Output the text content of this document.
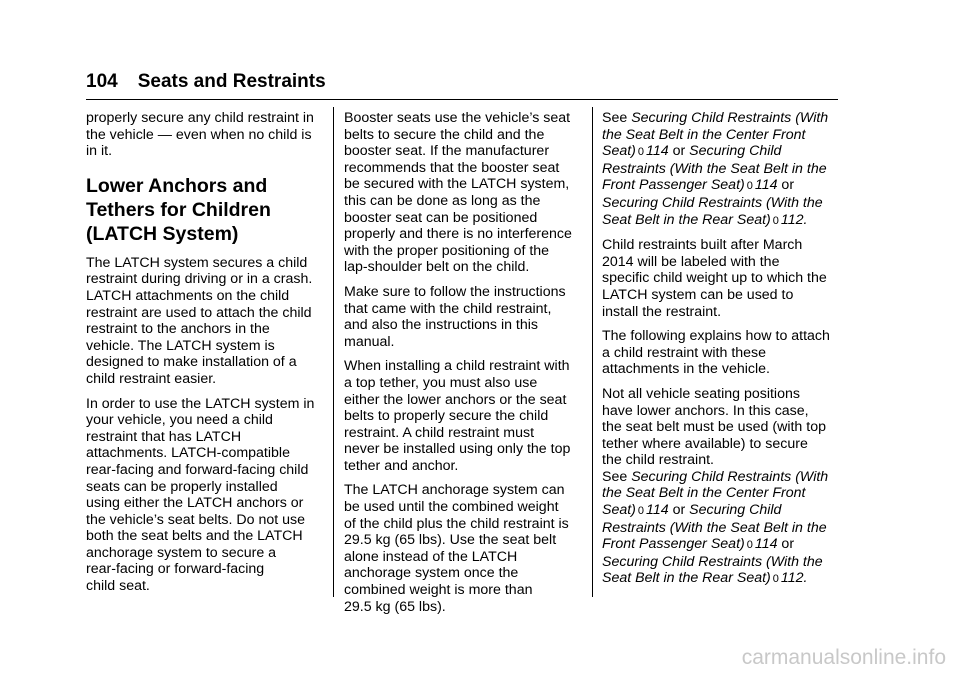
104 Seats and Restraints

properly secure any child restraint in
the vehicle — even when no child is
in it.

Lower Anchors and
Tethers for Children
(LATCH System)

The LATCH system secures a child
restraint during driving or in a crash.
LATCH attachments on the child
restraint are used to attach the child
restraint to the anchors in the
vehicle. The LATCH system is
designed to make installation of a
child restraint easier.

In order to use the LATCH system in
your vehicle, you need a child
restraint that has LATCH
attachments. LATCH-compatible
rear-facing and forward-facing child
seats can be properly installed
using either the LATCH anchors or
the vehicle’s seat belts. Do not use
both the seat belts and the LATCH
anchorage system to secure a
rear-facing or forward-facing
child seat.

Booster seats use the vehicle’s seat
belts to secure the child and the
booster seat. If the manufacturer
recommends that the booster seat
be secured with the LATCH system,
this can be done as long as the
booster seat can be positioned
properly and there is no interference
with the proper positioning of the
lap-shoulder belt on the child.

Make sure to follow the instructions
that came with the child restraint,
and also the instructions in this
manual.

When installing a child restraint with
a top tether, you must also use
either the lower anchors or the seat
belts to properly secure the child
restraint. A child restraint must
never be installed using only the top
tether and anchor.

The LATCH anchorage system can
be used until the combined weight
of the child plus the child restraint is
29.5 kg (65 lbs). Use the seat belt
alone instead of the LATCH
anchorage system once the
combined weight is more than
29.5 kg (65 lbs).

See Securing Child Restraints (With
the Seat Belt in the Center Front
Seat) 0 114 or Securing Child
Restraints (With the Seat Belt in the
Front Passenger Seat) 0 114 or
Securing Child Restraints (With the
Seat Belt in the Rear Seat) 0 112.

Child restraints built after March
2014 will be labeled with the
specific child weight up to which the
LATCH system can be used to
install the restraint.

The following explains how to attach
a child restraint with these
attachments in the vehicle.

Not all vehicle seating positions
have lower anchors. In this case,
the seat belt must be used (with top
tether where available) to secure
the child restraint.

See Securing Child Restraints (With
the Seat Belt in the Center Front
Seat) 0 114 or Securing Child
Restraints (With the Seat Belt in the
Front Passenger Seat) 0 114 or
Securing Child Restraints (With the
Seat Belt in the Rear Seat) 0 112.

carmanualsonline.info
